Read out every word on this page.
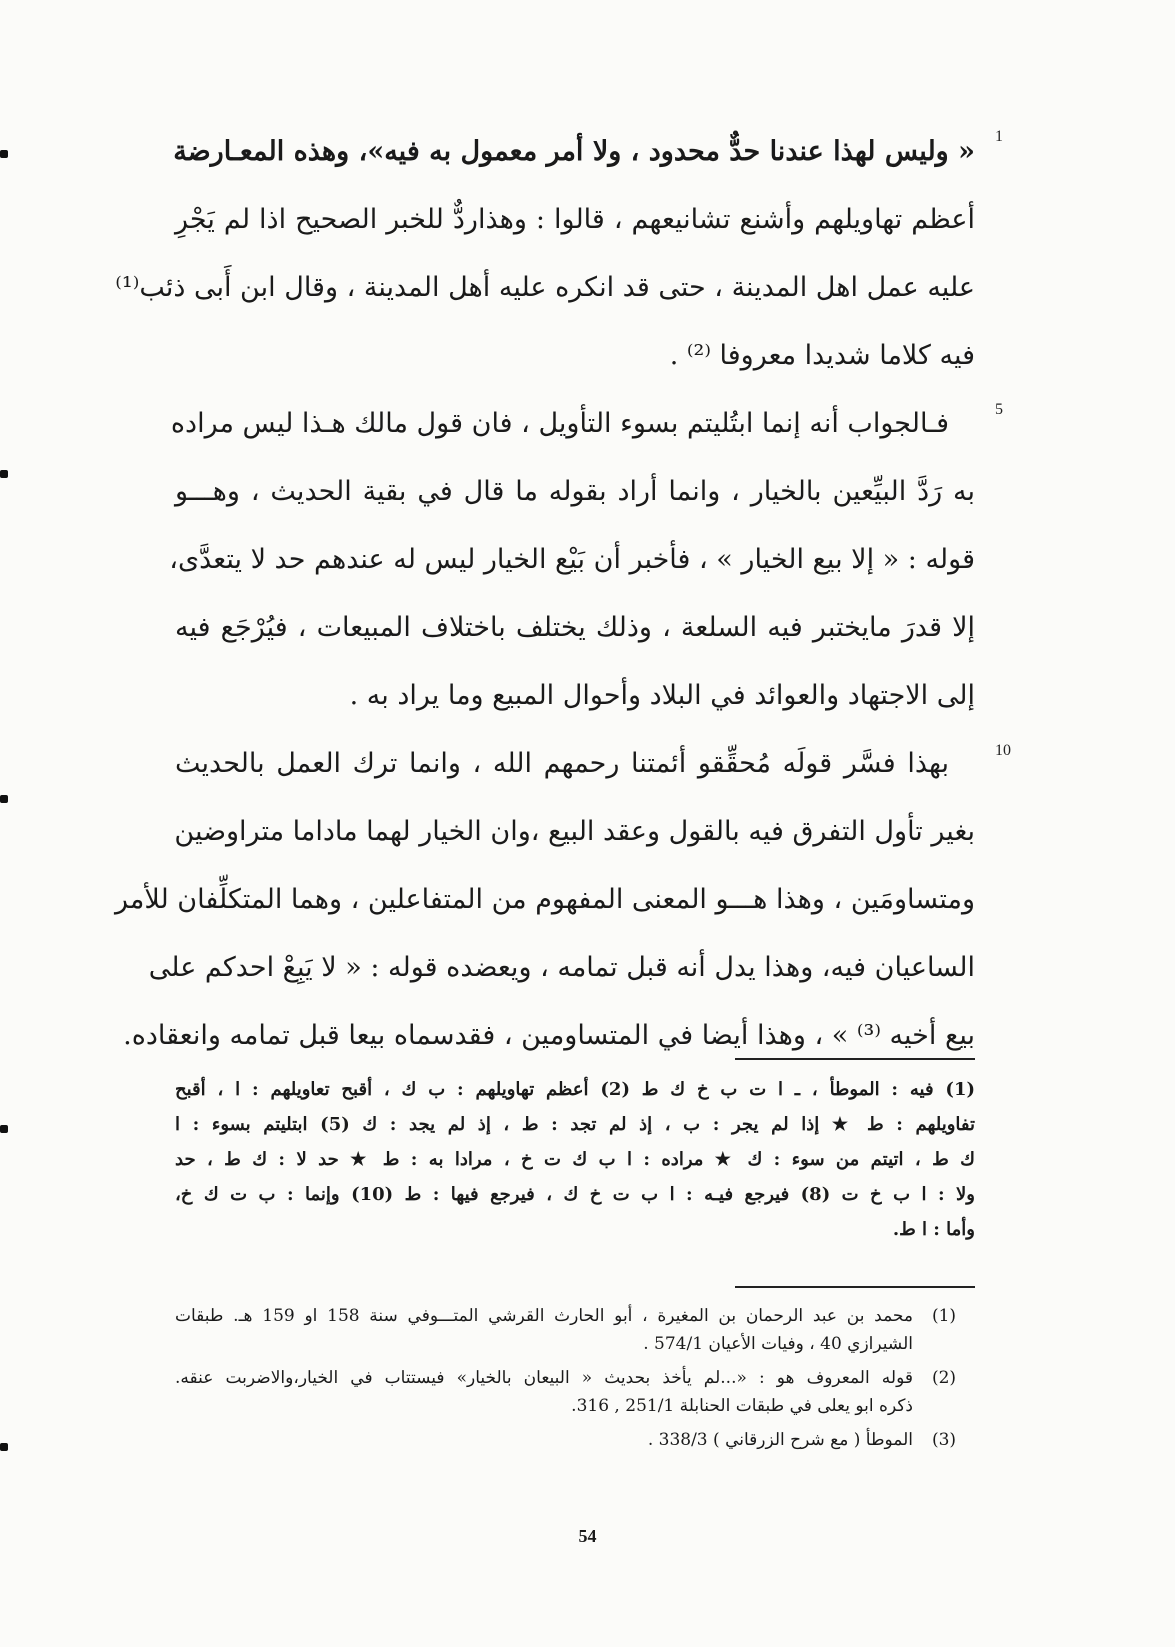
1
5
10
« وليس لهذا عندنا حدٌّ محدود ، ولا أمر معمول به فيه»، وهذه المعـارضة
أعظم تهاويلهم وأشنع تشانيعهم ، قالوا : وهذاردٌّ للخبر الصحيح اذا لم يَجْرِ
عليه عمل اهل المدينة ، حتى قد انكره عليه أهل المدينة ، وقال ابن أَبى ذئب⁽¹⁾
فيه كلاما شديدا معروفا ⁽²⁾ .
فـالجواب أنه إنما ابتُليتم بسوء التأويل ، فان قول مالك هـذا ليس مراده
به رَدَّ البيِّعين بالخيار ، وانما أراد بقوله ما قال في بقية الحديث ، وهـــو
قوله : « إلا بيع الخيار » ، فأخبر أن بَيْع الخيار ليس له عندهم حد لا يتعدَّى،
إلا قدرَ مايختبر فيه السلعة ، وذلك يختلف باختلاف المبيعات ، فيُرْجَع فيه
إلى الاجتهاد والعوائد في البلاد وأحوال المبيع وما يراد به .
بهذا فسَّر قولَه مُحقِّقو أئمتنا رحمهم الله ، وانما ترك العمل بالحديث
بغير تأول التفرق فيه بالقول وعقد البيع ،وان الخيار لهما ماداما متراوضين
ومتساومَين ، وهذا هـــو المعنى المفهوم من المتفاعلين ، وهما المتكلِّفان للأمر
الساعيان فيه، وهذا يدل أنه قبل تمامه ، ويعضده قوله : « لا يَبِعْ احدكم على
بيع أخيه ⁽³⁾ » ، وهذا أيضا في المتساومين ، فقدسماه بيعا قبل تمامه وانعقاده.
(1) فيه : الموطأ ، ـ ا ت ب خ ك ط (2) أعظم تهاويلهم : ب ك ، أقبح تعاويلهم : ا ، أقبح
تفاويلهم : ط ★ إذا لم يجر : ب ، إذ لم تجد : ط ، إذ لم يجد : ك (5) ابتليتم بسوء : ا
ك ط ، اتيتم من سوء : ك ★ مراده : ا ب ك ت خ ، مرادا به : ط ★ حد لا : ك ط ، حد
ولا : ا ب خ ت (8) فيرجع فيـه : ا ب ت خ ك ، فيرجع فيها : ط (10) وإنما : ب ت ك خ،
وأما : ا ط.
(1)
محمد بن عبد الرحمان بن المغيرة ، أبو الحارث القرشي المتـــوفي سنة 158 او 159 هـ. طبقات
الشيرازي 40 ، وفيات الأعيان 574/1 .
(2)
قوله المعروف هو : «...لم يأخذ بحديث « البيعان بالخيار» فيستتاب في الخيار،والاضربت عنقه.
ذكره ابو يعلى في طبقات الحنابلة 251/1 , 316.
(3)
الموطأ ( مع شرح الزرقاني ) 338/3 .
54
